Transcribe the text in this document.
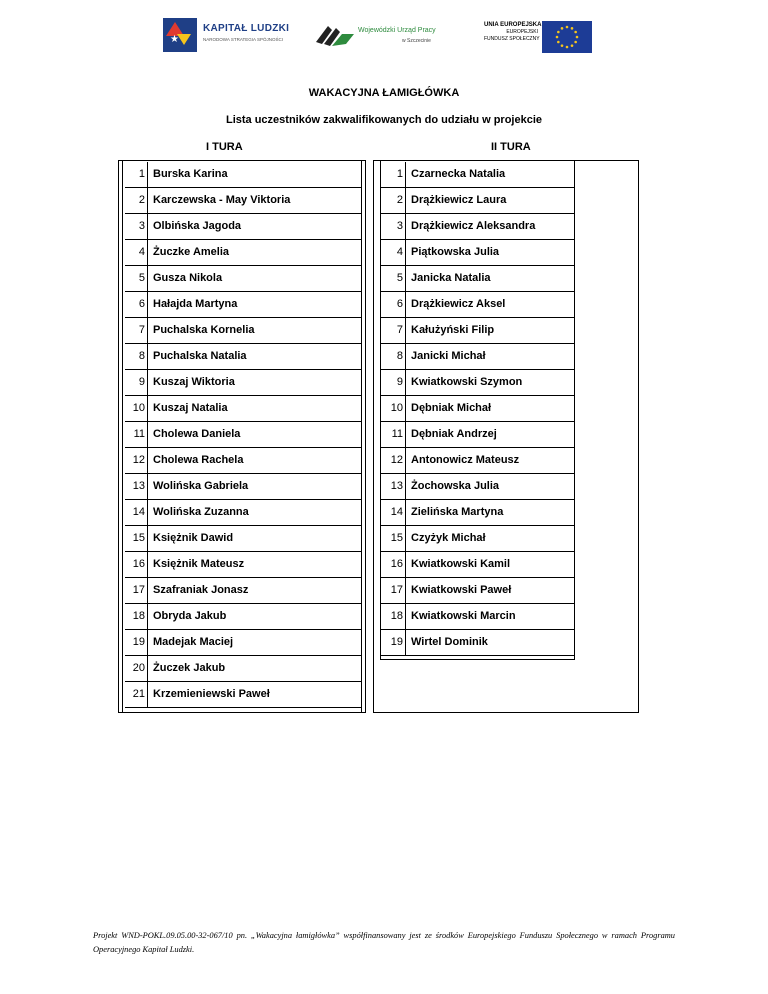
★
KAPITAŁ LUDZKI
NARODOWA STRATEGIA SPÓJNOŚCI
Wojewódzki Urząd Pracy
w Szczecinie
UNIA EUROPEJSKA
EUROPEJSKI
FUNDUSZ SPOŁECZNY
WAKACYJNA ŁAMIGŁÓWKA
Lista uczestników zakwalifikowanych do udziału w projekcie
I TURA	II TURA
1 Burska Karina
2 Karczewska - May Viktoria
3 Olbińska Jagoda
4 Żuczke Amelia
5 Gusza Nikola
6 Hałajda Martyna
7 Puchalska Kornelia
8 Puchalska Natalia
9 Kuszaj Wiktoria
10 Kuszaj Natalia
11 Cholewa Daniela
12 Cholewa Rachela
13 Wolińska Gabriela
14 Wolińska Zuzanna
15 Księżnik Dawid
16 Księżnik Mateusz
17 Szafraniak Jonasz
18 Obryda Jakub
19 Madejak Maciej
20 Żuczek Jakub
21 Krzemieniewski Paweł
1 Czarnecka Natalia
2 Drążkiewicz Laura
3 Drążkiewicz Aleksandra
4 Piątkowska Julia
5 Janicka Natalia
6 Drążkiewicz Aksel
7 Kałużyński Filip
8 Janicki Michał
9 Kwiatkowski Szymon
10 Dębniak Michał
11 Dębniak Andrzej
12 Antonowicz Mateusz
13 Żochowska Julia
14 Zielińska Martyna
15 Czyżyk Michał
16 Kwiatkowski Kamil
17 Kwiatkowski Paweł
18 Kwiatkowski Marcin
19 Wirtel Dominik
Projekt WND-POKL.09.05.00-32-067/10 pn. „Wakacyjna łamigłówka” współfinansowany jest ze środków Europejskiego Funduszu Społecznego w ramach Programu Operacyjnego Kapitał Ludzki.
